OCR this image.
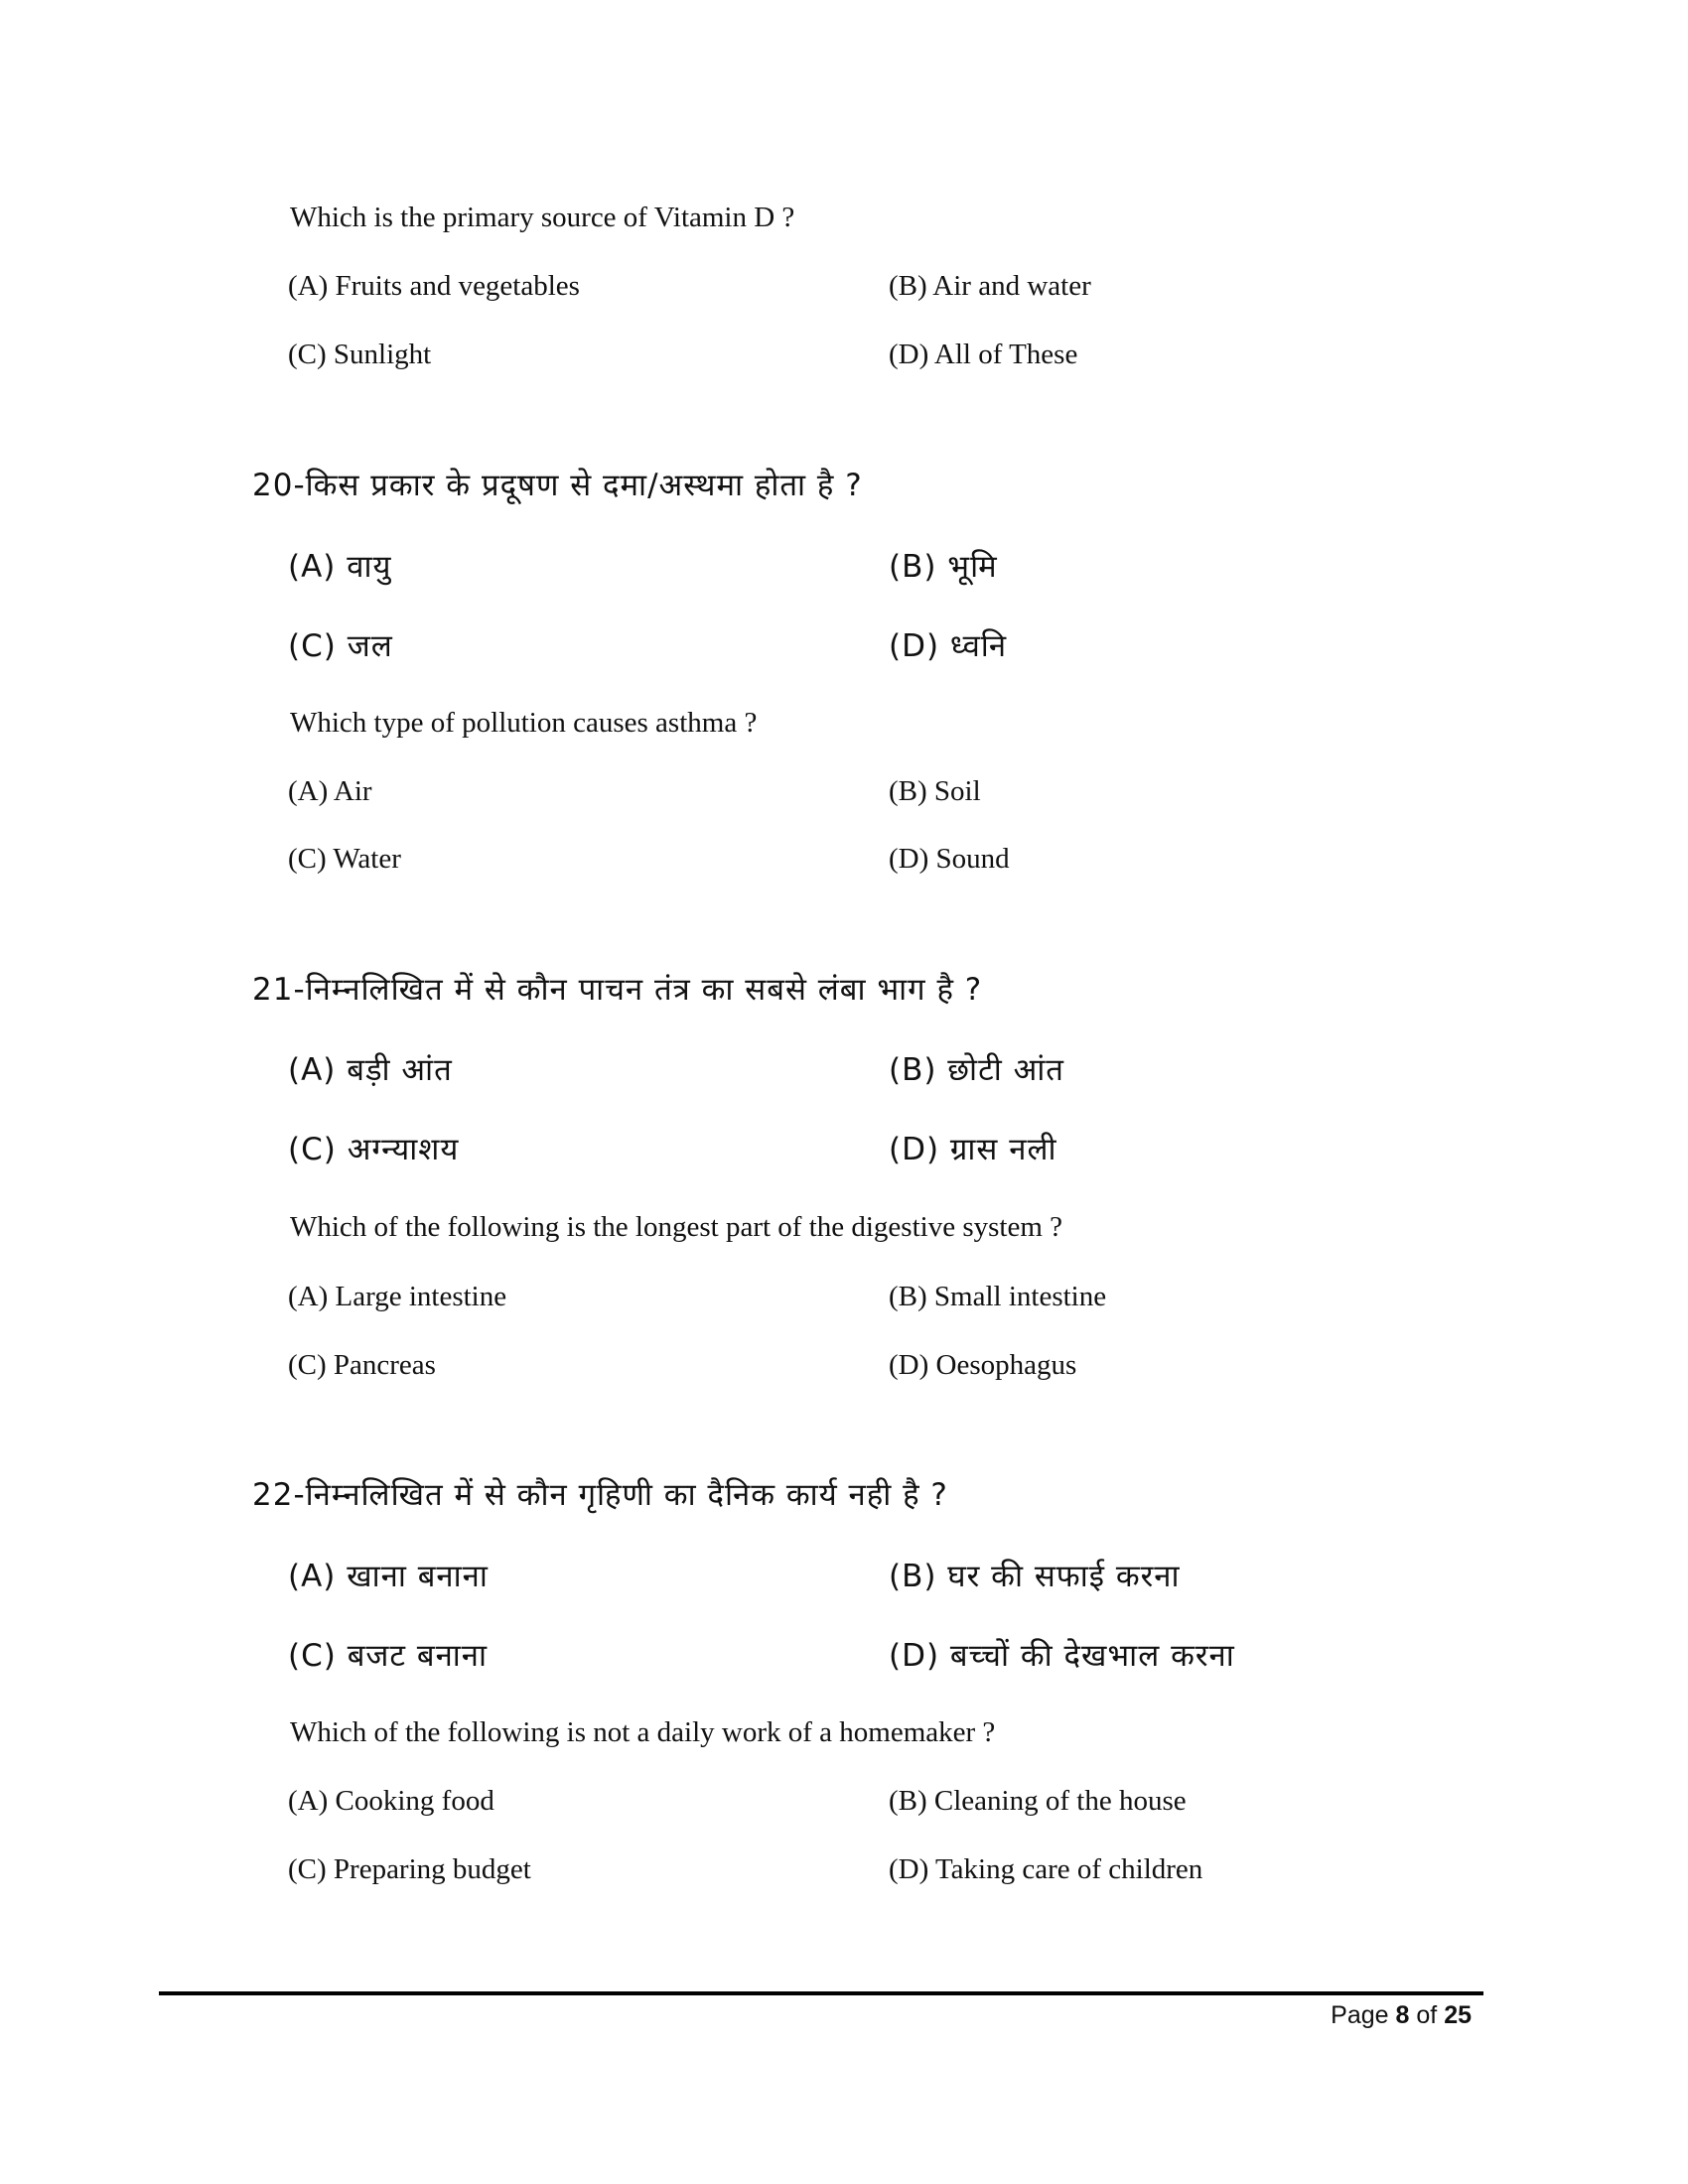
Which is the primary source of Vitamin D ?
(A) Fruits and vegetables	(B) Air and water
(C) Sunlight	(D) All of These
20-किस प्रकार के प्रदूषण से दमा/अस्थमा होता है ?
(A) वायु	(B) भूमि
(C) जल	(D) ध्वनि
Which type of pollution causes asthma ?
(A) Air	(B) Soil
(C) Water	(D) Sound
21-निम्नलिखित में से कौन पाचन तंत्र का सबसे लंबा भाग है ?
(A) बड़ी आंत	(B) छोटी आंत
(C) अग्न्याशय	(D) ग्रास नली
Which of the following is the longest part of the digestive system ?
(A) Large intestine	(B) Small intestine
(C) Pancreas	(D) Oesophagus
22-निम्नलिखित में से कौन गृहिणी का दैनिक कार्य नही है ?
(A) खाना बनाना	(B) घर की सफाई करना
(C) बजट बनाना	(D) बच्चों की देखभाल करना
Which of the following is not a daily work of a homemaker ?
(A) Cooking food	(B) Cleaning of the house
(C) Preparing budget	(D) Taking care of children
Page 8 of 25
